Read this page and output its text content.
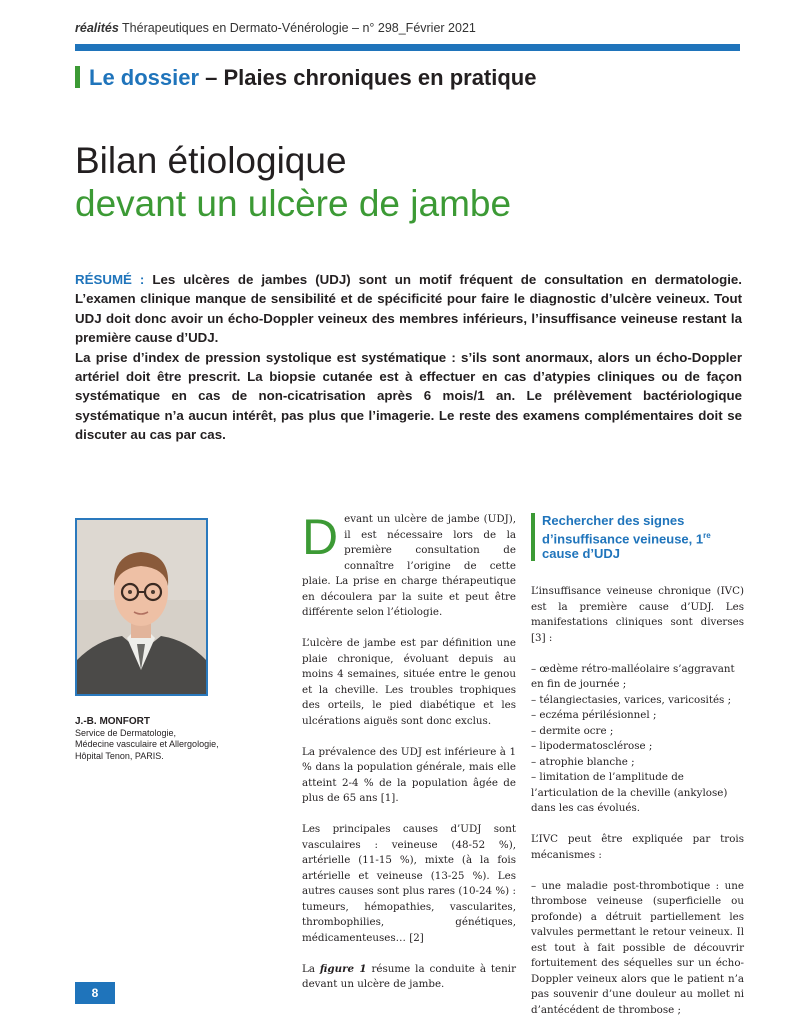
réalités Thérapeutiques en Dermato-Vénérologie – n° 298_Février 2021
Le dossier – Plaies chroniques en pratique
Bilan étiologique
devant un ulcère de jambe

RÉSUMÉ : Les ulcères de jambes (UDJ) sont un motif fréquent de consultation en dermatologie. L’examen clinique manque de sensibilité et de spécificité pour faire le diagnostic d’ulcère veineux. Tout UDJ doit donc avoir un écho-Doppler veineux des membres inférieurs, l’insuffisance veineuse restant la première cause d’UDJ.

La prise d’index de pression systolique est systématique : s’ils sont anormaux, alors un écho-Doppler artériel doit être prescrit. La biopsie cutanée est à effectuer en cas d’atypies cliniques ou de façon systématique en cas de non-cicatrisation après 6 mois/1 an. Le prélèvement bactériologique systématique n’a aucun intérêt, pas plus que l’imagerie. Le reste des examens complémentaires doit se discuter au cas par cas.

J.-B. MONFORT
Service de Dermatologie,
Médecine vasculaire et Allergologie,
Hôpital Tenon, PARIS.

Devant un ulcère de jambe (UDJ), il est nécessaire lors de la première consultation de connaître l’origine de cette plaie. La prise en charge thérapeutique en découlera par la suite et peut être différente selon l’étiologie.

L’ulcère de jambe est par définition une plaie chronique, évoluant depuis au moins 4 semaines, située entre le genou et la cheville. Les troubles trophiques des orteils, le pied diabétique et les ulcérations aiguës sont donc exclus.

La prévalence des UDJ est inférieure à 1 % dans la population générale, mais elle atteint 2-4 % de la population âgée de plus de 65 ans [1].

Les principales causes d’UDJ sont vasculaires : veineuse (48-52 %), artérielle (11-15 %), mixte (à la fois artérielle et veineuse (13-25 %). Les autres causes sont plus rares (10-24 %) : tumeurs, hémopathies, vascularites, thrombophilies, génétiques, médicamenteuses… [2]

La figure 1 résume la conduite à tenir devant un ulcère de jambe.

Rechercher des signes d’insuffisance veineuse, 1re cause d’UDJ

L’insuffisance veineuse chronique (IVC) est la première cause d’UDJ. Les manifestations cliniques sont diverses [3] :

– œdème rétro-malléolaire s’aggravant en fin de journée ;
– télangiectasies, varices, varicosités ;
– eczéma périlésionnel ;
– dermite ocre ;
– lipodermatosclérose ;
– atrophie blanche ;
– limitation de l’amplitude de l’articulation de la cheville (ankylose) dans les cas évolués.

L’IVC peut être expliquée par trois mécanismes :

– une maladie post-thrombotique : une thrombose veineuse (superficielle ou profonde) a détruit partiellement les valvules permettant le retour veineux. Il est tout à fait possible de découvrir fortuitement des séquelles sur un écho-Doppler veineux alors que le patient n’a pas souvenir d’une douleur au mollet ni d’antécédent de thrombose ;

8
